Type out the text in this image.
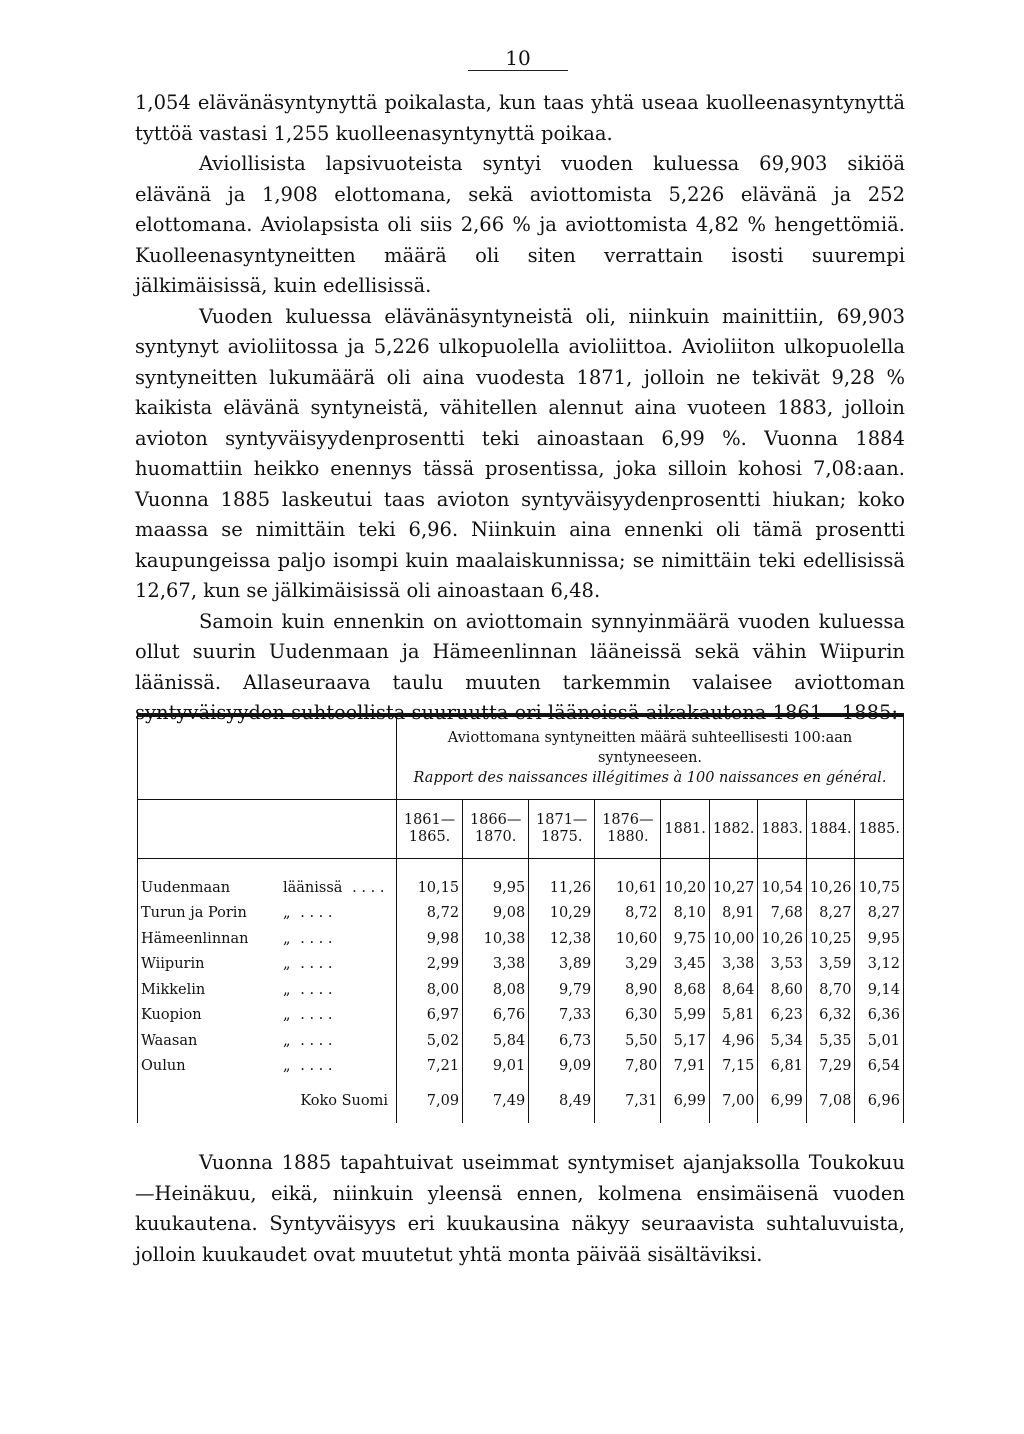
10

1,054 elävänäsyntynyttä poikalasta, kun taas yhtä useaa kuolleenasyntynyttä tyttöä vastasi 1,255 kuolleenasyntynyttä poikaa.

Aviollisista lapsivuoteista syntyi vuoden kuluessa 69,903 sikiöä elävänä ja 1,908 elottomana, sekä aviottomista 5,226 elävänä ja 252 elottomana. Aviolapsista oli siis 2,66 % ja aviottomista 4,82 % hengettömiä. Kuolleenasyntyneitten määrä oli siten verrattain isosti suurempi jälkimäisissä, kuin edellisissä.

Vuoden kuluessa elävänäsyntyneistä oli, niinkuin mainittiin, 69,903 syntynyt avioliitossa ja 5,226 ulkopuolella avioliittoa. Avioliiton ulkopuolella syntyneitten lukumäärä oli aina vuodesta 1871, jolloin ne tekivät 9,28 % kaikista elävänä syntyneistä, vähitellen alennut aina vuoteen 1883, jolloin avioton syntyväisyydenprosentti teki ainoastaan 6,99 %. Vuonna 1884 huomattiin heikko enennys tässä prosentissa, joka silloin kohosi 7,08:aan. Vuonna 1885 laskeutui taas avioton syntyväisyydenprosentti hiukan; koko maassa se nimittäin teki 6,96. Niinkuin aina ennenki oli tämä prosentti kaupungeissa paljo isompi kuin maalaiskunnissa; se nimittäin teki edellisissä 12,67, kun se jälkimäisissä oli ainoastaan 6,48.

Samoin kuin ennenkin on aviottomain synnyinmäärä vuoden kuluessa ollut suurin Uudenmaan ja Hämeenlinnan lääneissä sekä vähin Wiipurin läänissä. Allaseuraava taulu muuten tarkemmin valaisee aviottoman syntyväisyyden suhteellista suuruutta eri lääneissä aikakautena 1861—1885:

	Aviottomana syntyneitten määrä suhteellisesti 100:aan syntyneeseen.
Rapport des naissances illégitimes à 100 naissances en général.								

	1861—1865.	1866—1870.	1871—1875.	1876—1880.	1881.	1882.	1883.	1884.	1885.

Uudenmaan läänissä . . . .	10,15	9,95	11,26	10,61	10,20	10,27	10,54	10,26	10,75
Turun ja Porin „ . . . .	8,72	9,08	10,29	8,72	8,10	8,91	7,68	8,27	8,27
Hämeenlinnan „ . . . .	9,98	10,38	12,38	10,60	9,75	10,00	10,26	10,25	9,95
Wiipurin „ . . . .	2,99	3,38	3,89	3,29	3,45	3,38	3,53	3,59	3,12
Mikkelin „ . . . .	8,00	8,08	9,79	8,90	8,68	8,64	8,60	8,70	9,14
Kuopion „ . . . .	6,97	6,76	7,33	6,30	5,99	5,81	6,23	6,32	6,36
Waasan „ . . . .	5,02	5,84	6,73	5,50	5,17	4,96	5,34	5,35	5,01
Oulun „ . . . .	7,21	9,01	9,09	7,80	7,91	7,15	6,81	7,29	6,54
Koko Suomi	7,09	7,49	8,49	7,31	6,99	7,00	6,99	7,08	6,96

Vuonna 1885 tapahtuivat useimmat syntymiset ajanjaksolla Toukokuu—Heinäkuu, eikä, niinkuin yleensä ennen, kolmena ensimäisenä vuoden kuukautena. Syntyväisyys eri kuukausina näkyy seuraavista suhtaluvuista, jolloin kuukaudet ovat muutetut yhtä monta päivää sisältäviksi.
